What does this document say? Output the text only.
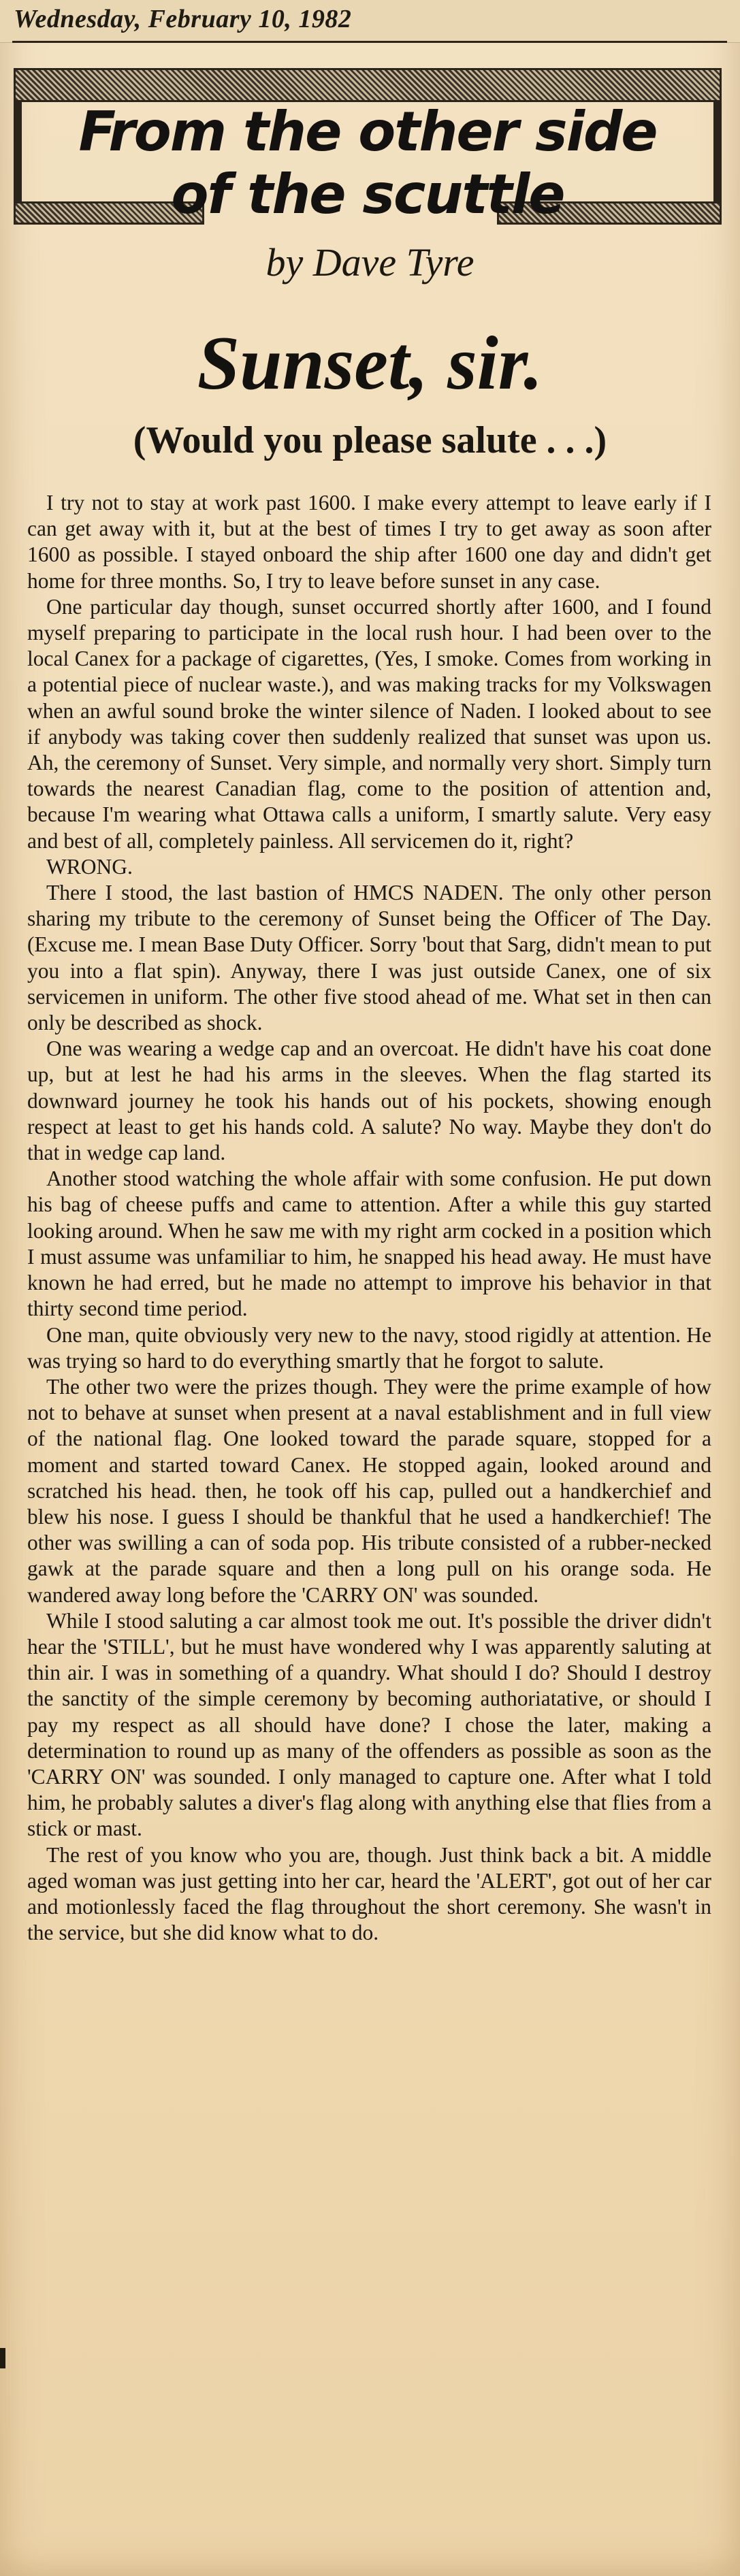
Wednesday, February 10, 1982
From the other side
of the scuttle
by Dave Tyre
Sunset, sir.
(Would you please salute . . .)

I try not to stay at work past 1600. I make every attempt to leave early if I can get away with it, but at the best of times I try to get away as soon after 1600 as possible. I stayed onboard the ship after 1600 one day and didn't get home for three months. So, I try to leave before sunset in any case.

One particular day though, sunset occurred shortly after 1600, and I found myself preparing to participate in the local rush hour. I had been over to the local Canex for a package of cigarettes, (Yes, I smoke. Comes from working in a potential piece of nuclear waste.), and was making tracks for my Volkswagen when an awful sound broke the winter silence of Naden. I looked about to see if anybody was taking cover then suddenly realized that sunset was upon us. Ah, the ceremony of Sunset. Very simple, and normally very short. Simply turn towards the nearest Canadian flag, come to the position of attention and, because I'm wearing what Ottawa calls a uniform, I smartly salute. Very easy and best of all, completely painless. All servicemen do it, right?

WRONG.

There I stood, the last bastion of HMCS NADEN. The only other person sharing my tribute to the ceremony of Sunset being the Officer of The Day. (Excuse me. I mean Base Duty Officer. Sorry 'bout that Sarg, didn't mean to put you into a flat spin). Anyway, there I was just outside Canex, one of six servicemen in uniform. The other five stood ahead of me. What set in then can only be described as shock.

One was wearing a wedge cap and an overcoat. He didn't have his coat done up, but at lest he had his arms in the sleeves. When the flag started its downward journey he took his hands out of his pockets, showing enough respect at least to get his hands cold. A salute? No way. Maybe they don't do that in wedge cap land.

Another stood watching the whole affair with some confusion. He put down his bag of cheese puffs and came to attention. After a while this guy started looking around. When he saw me with my right arm cocked in a position which I must assume was unfamiliar to him, he snapped his head away. He must have known he had erred, but he made no attempt to improve his behavior in that thirty second time period.

One man, quite obviously very new to the navy, stood rigidly at attention. He was trying so hard to do everything smartly that he forgot to salute.

The other two were the prizes though. They were the prime example of how not to behave at sunset when present at a naval establishment and in full view of the national flag. One looked toward the parade square, stopped for a moment and started toward Canex. He stopped again, looked around and scratched his head. then, he took off his cap, pulled out a handkerchief and blew his nose. I guess I should be thankful that he used a handkerchief! The other was swilling a can of soda pop. His tribute consisted of a rubber-necked gawk at the parade square and then a long pull on his orange soda. He wandered away long before the 'CARRY ON' was sounded.

While I stood saluting a car almost took me out. It's possible the driver didn't hear the 'STILL', but he must have wondered why I was apparently saluting at thin air. I was in something of a quandry. What should I do? Should I destroy the sanctity of the simple ceremony by becoming authoriatative, or should I pay my respect as all should have done? I chose the later, making a determination to round up as many of the offenders as possible as soon as the 'CARRY ON' was sounded. I only managed to capture one. After what I told him, he probably salutes a diver's flag along with anything else that flies from a stick or mast.

The rest of you know who you are, though. Just think back a bit. A middle aged woman was just getting into her car, heard the 'ALERT', got out of her car and motionlessly faced the flag throughout the short ceremony. She wasn't in the service, but she did know what to do.
